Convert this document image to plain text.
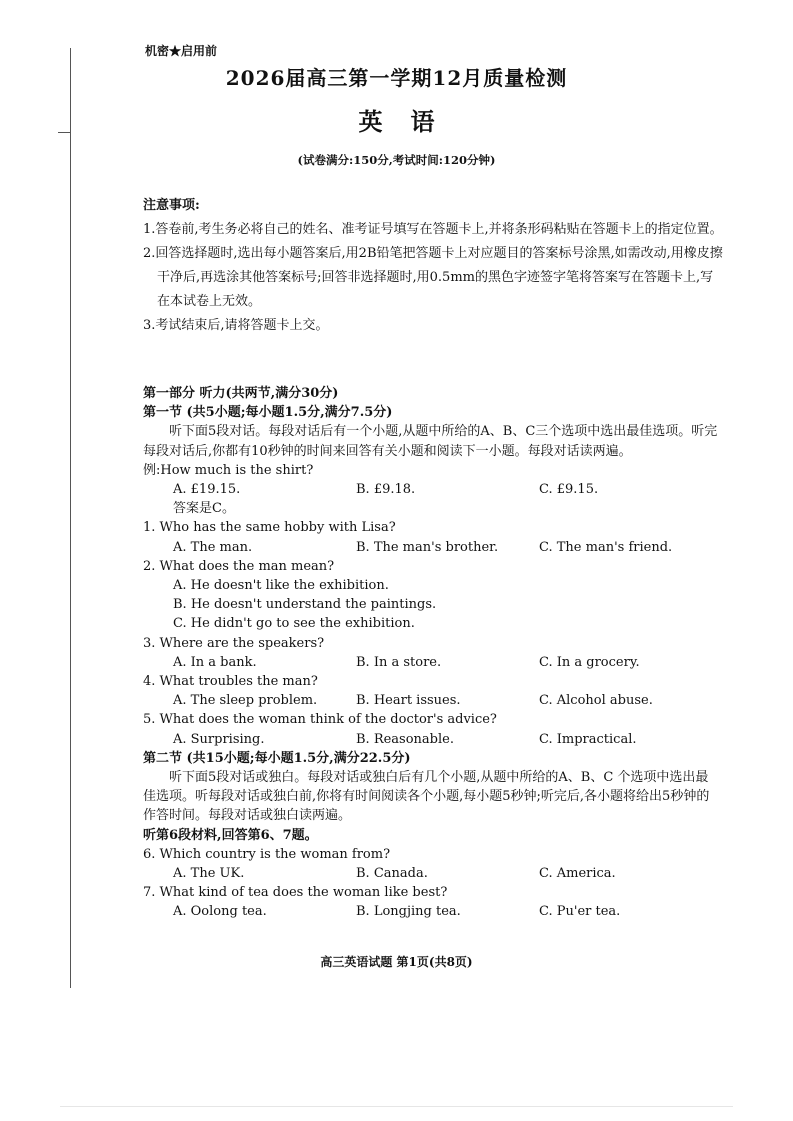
机密★启用前
2026届高三第一学期12月质量检测
英语
(试卷满分:150分,考试时间:120分钟)
注意事项:
1.答卷前,考生务必将自己的姓名、准考证号填写在答题卡上,并将条形码粘贴在答题卡上的指定位置。
2.回答选择题时,选出每小题答案后,用2B铅笔把答题卡上对应题目的答案标号涂黑,如需改动,用橡皮擦干净后,再选涂其他答案标号;回答非选择题时,用0.5mm的黑色字迹签字笔将答案写在答题卡上,写在本试卷上无效。
3.考试结束后,请将答题卡上交。
第一部分 听力(共两节,满分30分)
第一节 (共5小题;每小题1.5分,满分7.5分)
听下面5段对话。每段对话后有一个小题,从题中所给的A、B、C三个选项中选出最佳选项。听完每段对话后,你都有10秒钟的时间来回答有关小题和阅读下一小题。每段对话读两遍。
例:How much is the shirt?
A. £19.15.	B. £9.18.	C. £9.15.
答案是C。
1. Who has the same hobby with Lisa?
A. The man.	B. The man's brother.	C. The man's friend.
2. What does the man mean?
A. He doesn't like the exhibition.
B. He doesn't understand the paintings.
C. He didn't go to see the exhibition.
3. Where are the speakers?
A. In a bank.	B. In a store.	C. In a grocery.
4. What troubles the man?
A. The sleep problem.	B. Heart issues.	C. Alcohol abuse.
5. What does the woman think of the doctor's advice?
A. Surprising.	B. Reasonable.	C. Impractical.
第二节 (共15小题;每小题1.5分,满分22.5分)
听下面5段对话或独白。每段对话或独白后有几个小题,从题中所给的A、B、C 个选项中选出最佳选项。听每段对话或独白前,你将有时间阅读各个小题,每小题5秒钟;听完后,各小题将给出5秒钟的作答时间。每段对话或独白读两遍。
听第6段材料,回答第6、7题。
6. Which country is the woman from?
A. The UK.	B. Canada.	C. America.
7. What kind of tea does the woman like best?
A. Oolong tea.	B. Longjing tea.	C. Pu'er tea.
高三英语试题 第1页(共8页)
